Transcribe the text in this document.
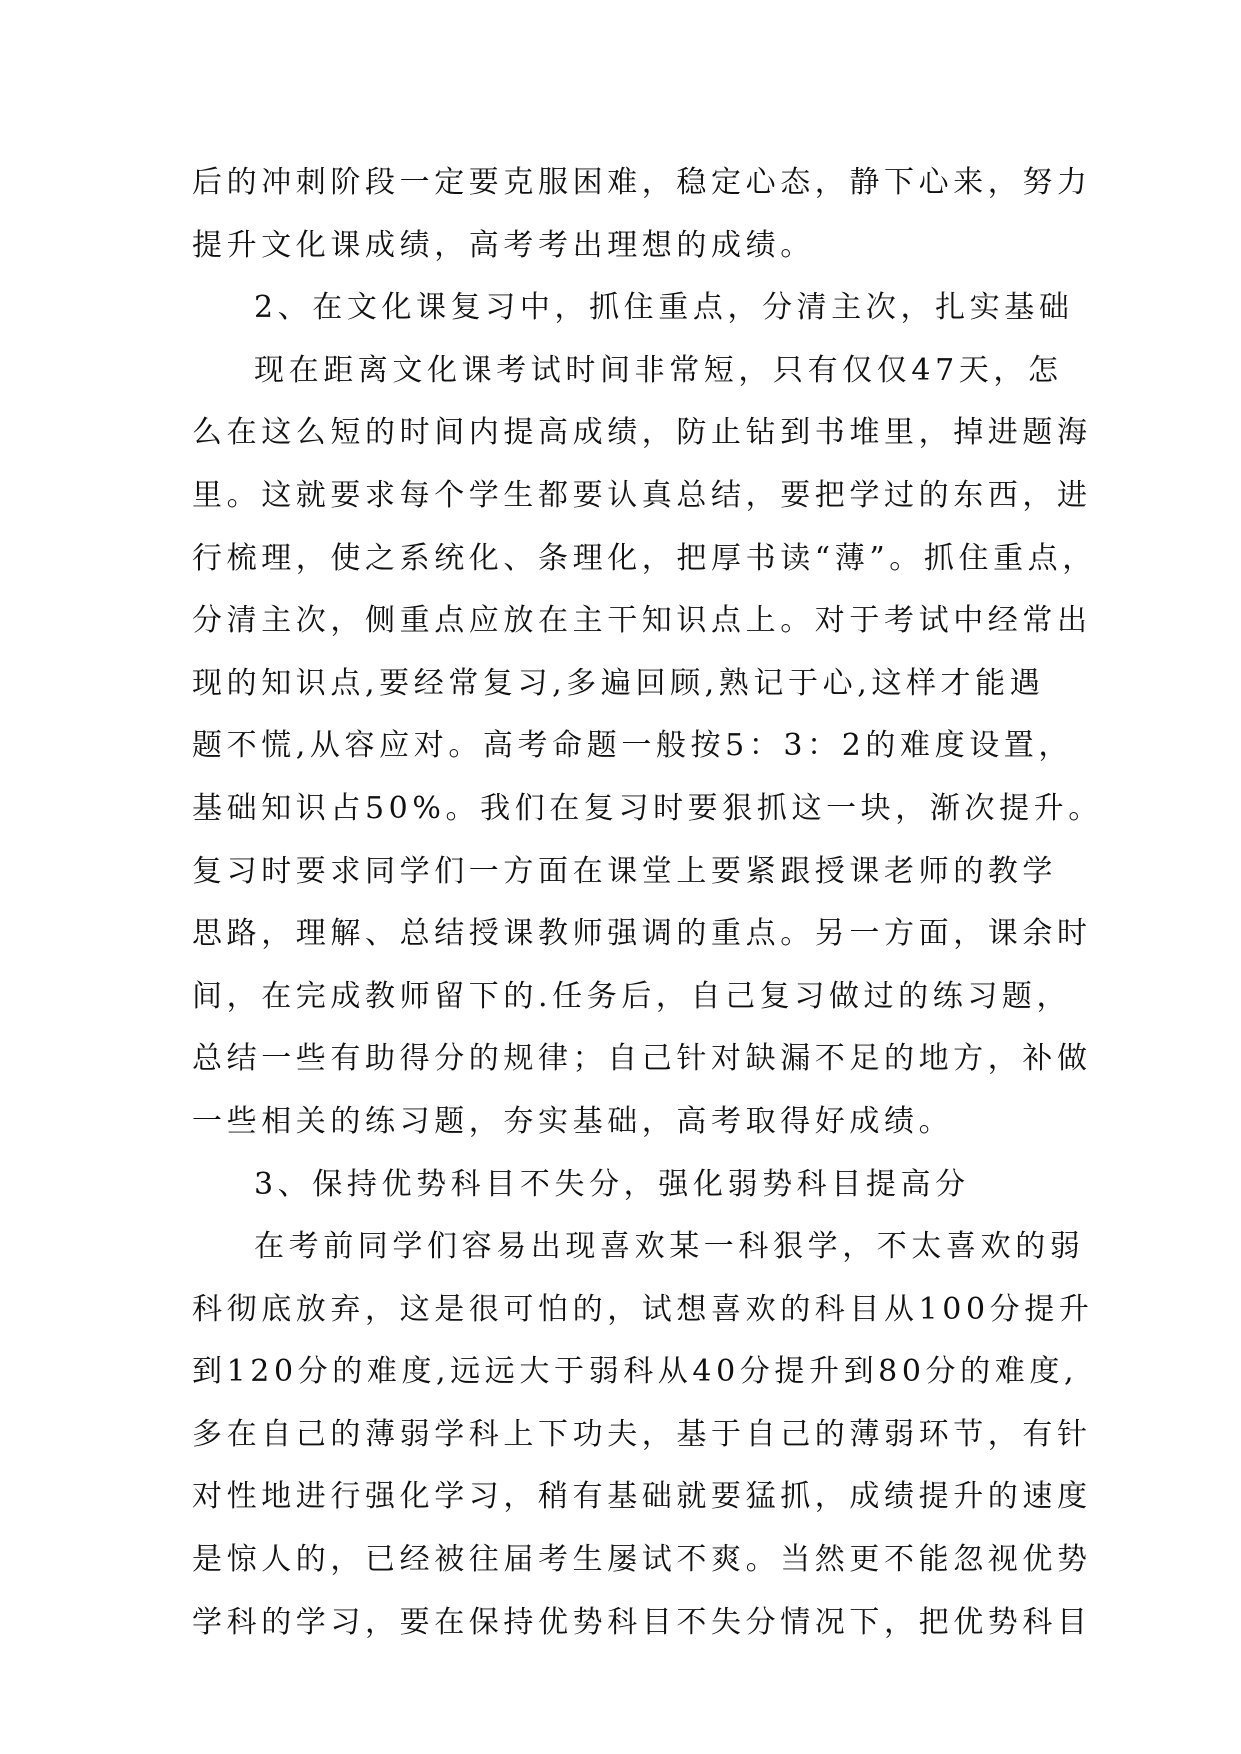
后的冲刺阶段一定要克服困难，稳定心态，静下心来，努力
提升文化课成绩，高考考出理想的成绩。
2、在文化课复习中，抓住重点，分清主次，扎实基础
现在距离文化课考试时间非常短，只有仅仅47天，怎
么在这么短的时间内提高成绩，防止钻到书堆里，掉进题海
里。这就要求每个学生都要认真总结，要把学过的东西，进
行梳理，使之系统化、条理化，把厚书读“薄”。抓住重点，
分清主次，侧重点应放在主干知识点上。对于考试中经常出
现的知识点,要经常复习,多遍回顾,熟记于心,这样才能遇
题不慌,从容应对。高考命题一般按5：3：2的难度设置，
基础知识占50%。我们在复习时要狠抓这一块，渐次提升。
复习时要求同学们一方面在课堂上要紧跟授课老师的教学
思路，理解、总结授课教师强调的重点。另一方面，课余时
间，在完成教师留下的.任务后，自己复习做过的练习题，
总结一些有助得分的规律；自己针对缺漏不足的地方，补做
一些相关的练习题，夯实基础，高考取得好成绩。
3、保持优势科目不失分，强化弱势科目提高分
在考前同学们容易出现喜欢某一科狠学，不太喜欢的弱
科彻底放弃，这是很可怕的，试想喜欢的科目从100分提升
到120分的难度,远远大于弱科从40分提升到80分的难度,
多在自己的薄弱学科上下功夫，基于自己的薄弱环节，有针
对性地进行强化学习，稍有基础就要猛抓，成绩提升的速度
是惊人的，已经被往届考生屡试不爽。当然更不能忽视优势
学科的学习，要在保持优势科目不失分情况下，把优势科目
